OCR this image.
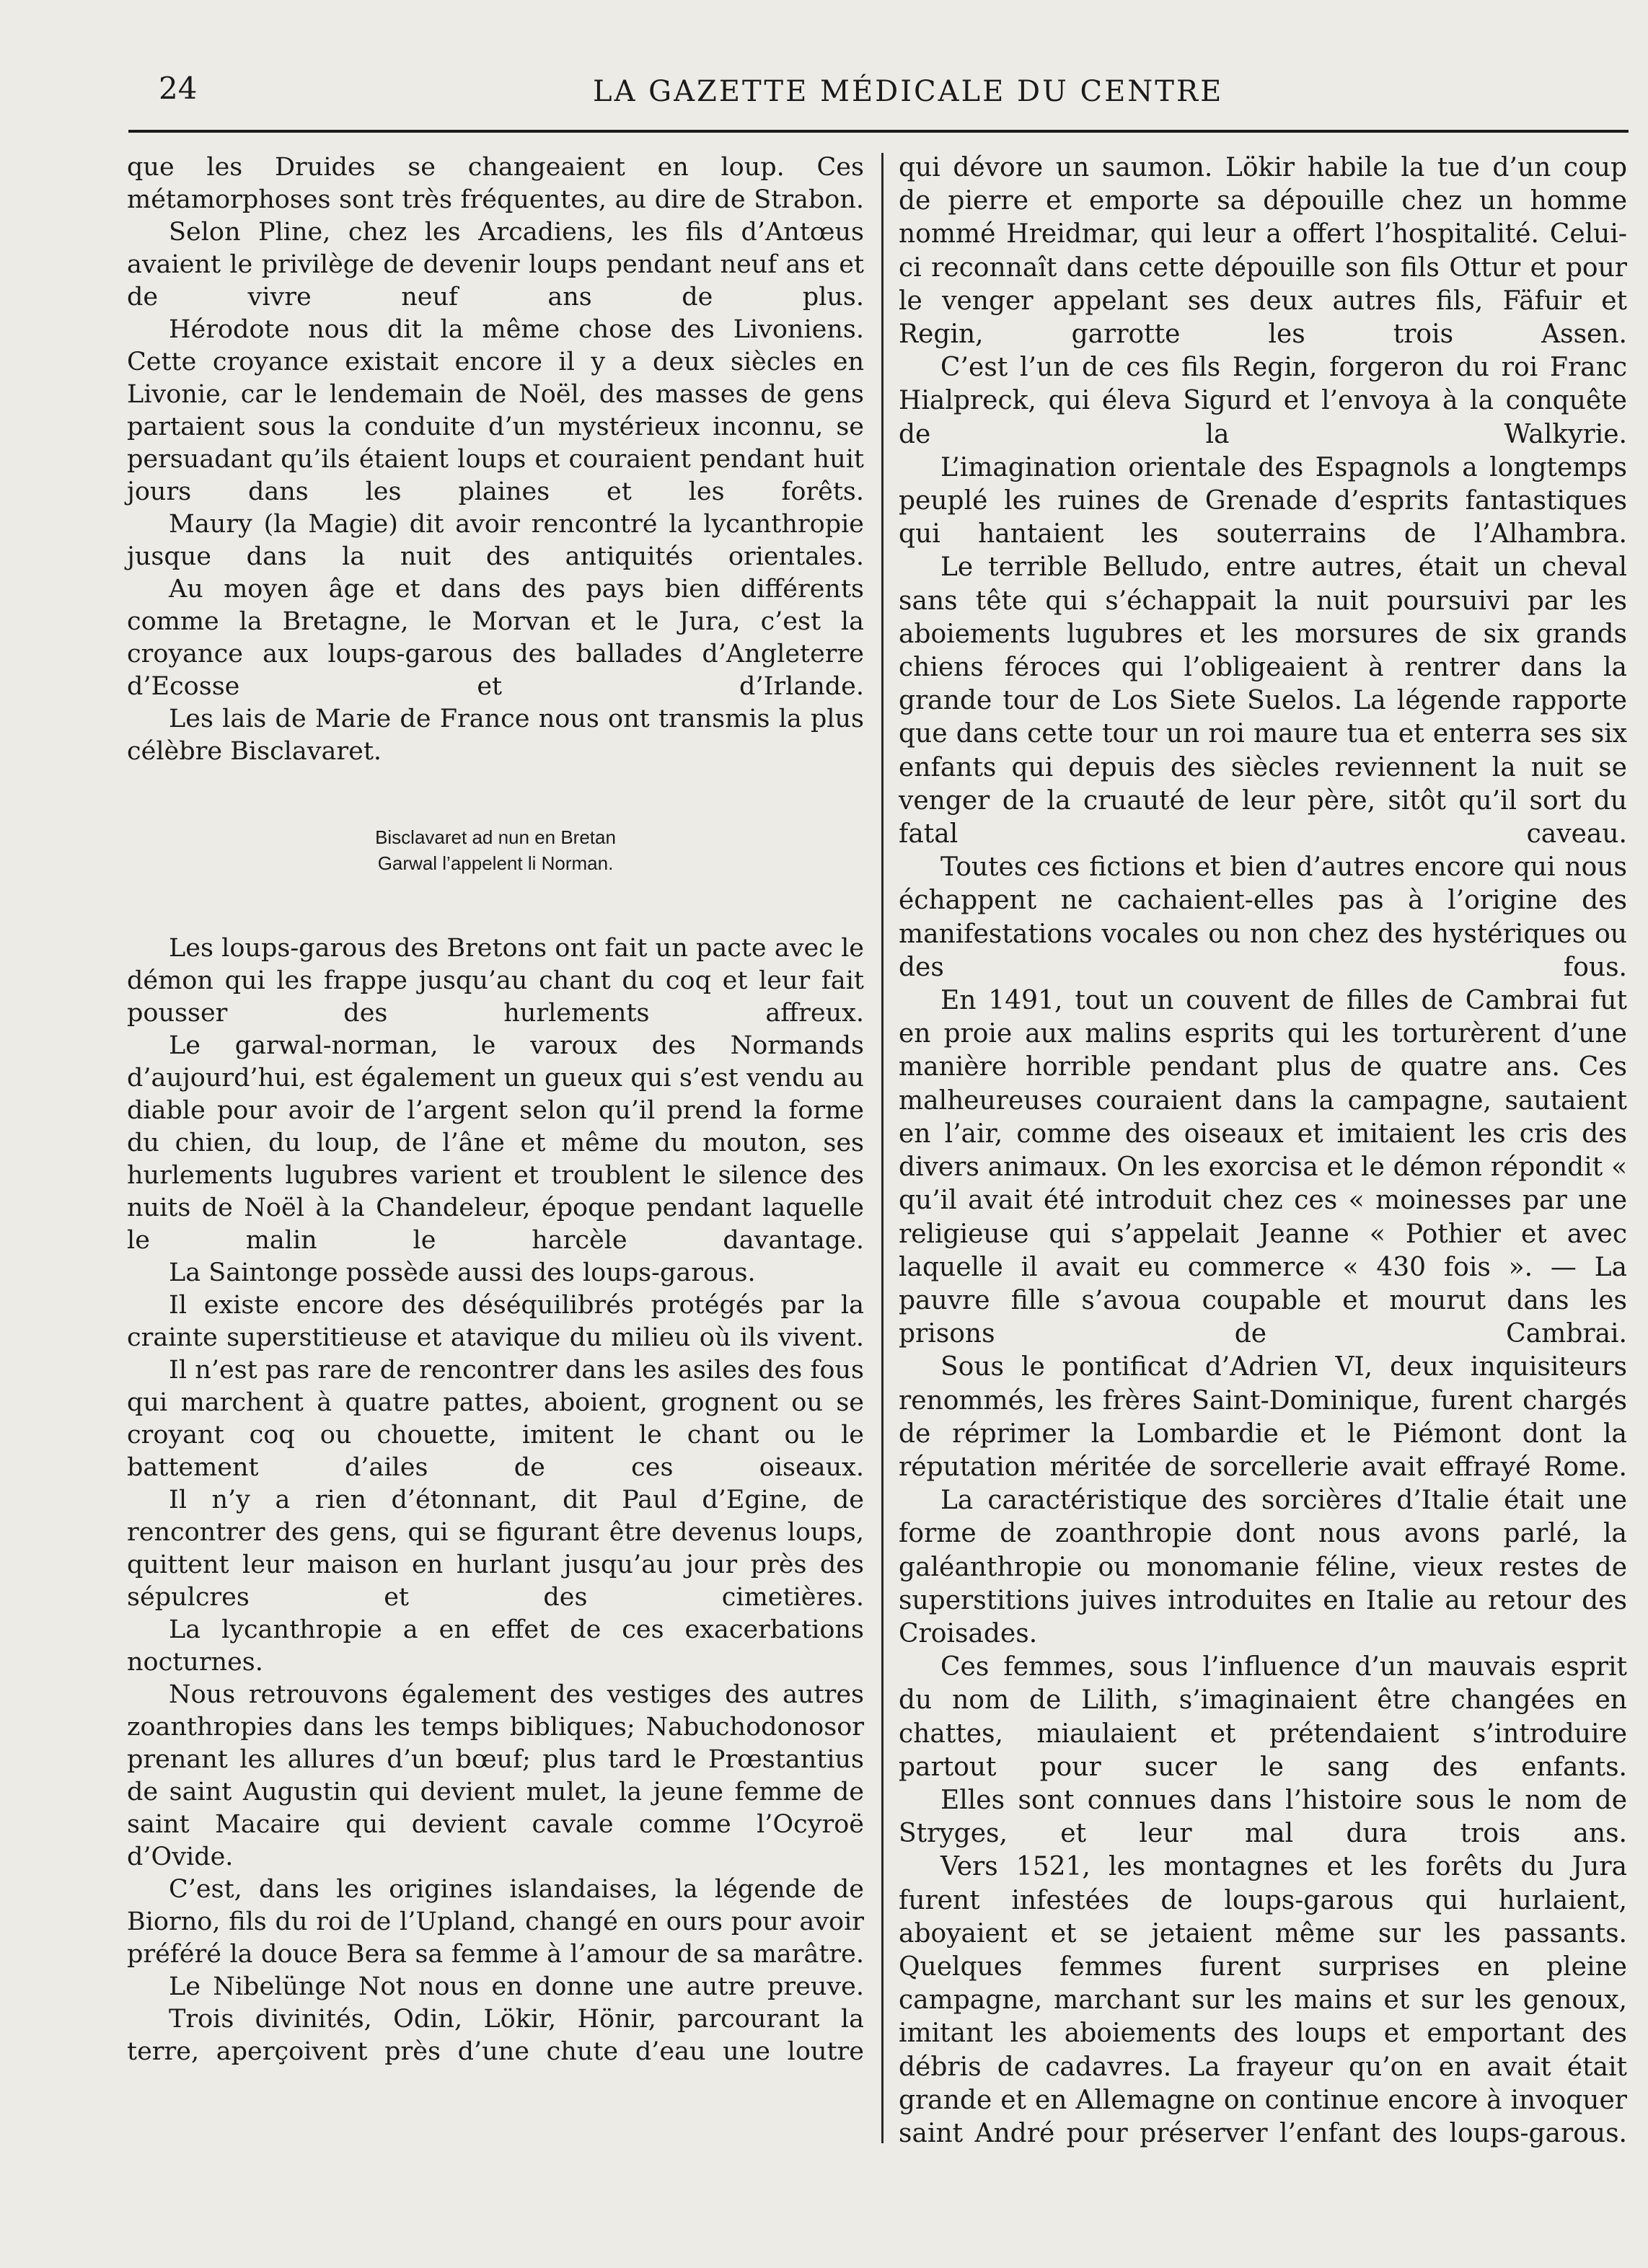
24	LA GAZETTE MÉDICALE DU CENTRE

que les Druides se changeaient en loup. Ces métamorphoses sont très fréquentes, au dire de Strabon.

Selon Pline, chez les Arcadiens, les fils d’Antœus avaient le privilège de devenir loups pendant neuf ans et de vivre neuf ans de plus.

Hérodote nous dit la même chose des Livoniens. Cette croyance existait encore il y a deux siècles en Livonie, car le lendemain de Noël, des masses de gens partaient sous la conduite d’un mystérieux inconnu, se persuadant qu’ils étaient loups et couraient pendant huit jours dans les plaines et les forêts.

Maury (la Magie) dit avoir rencontré la lycanthropie jusque dans la nuit des antiquités orientales.

Au moyen âge et dans des pays bien différents comme la Bretagne, le Morvan et le Jura, c’est la croyance aux loups-garous des ballades d’Angleterre d’Ecosse et d’Irlande.

Les lais de Marie de France nous ont transmis la plus célèbre Bisclavaret.

Bisclavaret ad nun en Bretan
Garwal l’appelent li Norman.

Les loups-garous des Bretons ont fait un pacte avec le démon qui les frappe jusqu’au chant du coq et leur fait pousser des hurlements affreux.

Le garwal-norman, le varoux des Normands d’aujourd’hui, est également un gueux qui s’est vendu au diable pour avoir de l’argent selon qu’il prend la forme du chien, du loup, de l’âne et même du mouton, ses hurlements lugubres varient et troublent le silence des nuits de Noël à la Chandeleur, époque pendant laquelle le malin le harcèle davantage.

La Saintonge possède aussi des loups-garous.

Il existe encore des déséquilibrés protégés par la crainte superstitieuse et atavique du milieu où ils vivent.

Il n’est pas rare de rencontrer dans les asiles des fous qui marchent à quatre pattes, aboient, grognent ou se croyant coq ou chouette, imitent le chant ou le battement d’ailes de ces oiseaux.

Il n’y a rien d’étonnant, dit Paul d’Egine, de rencontrer des gens, qui se figurant être devenus loups, quittent leur maison en hurlant jusqu’au jour près des sépulcres et des cimetières.

La lycanthropie a en effet de ces exacerbations nocturnes.

Nous retrouvons également des vestiges des autres zoanthropies dans les temps bibliques; Nabuchodonosor prenant les allures d’un bœuf; plus tard le Prœstantius de saint Augustin qui devient mulet, la jeune femme de saint Macaire qui devient cavale comme l’Ocyroë d’Ovide.

C’est, dans les origines islandaises, la légende de Biorno, fils du roi de l’Upland, changé en ours pour avoir préféré la douce Bera sa femme à l’amour de sa marâtre.

Le Nibelünge Not nous en donne une autre preuve.

Trois divinités, Odin, Lökir, Hönir, parcourant la terre, aperçoivent près d’une chute d’eau une loutre

qui dévore un saumon. Lökir habile la tue d’un coup de pierre et emporte sa dépouille chez un homme nommé Hreidmar, qui leur a offert l’hospitalité. Celui-ci reconnaît dans cette dépouille son fils Ottur et pour le venger appelant ses deux autres fils, Fäfuir et Regin, garrotte les trois Assen.

C’est l’un de ces fils Regin, forgeron du roi Franc Hialpreck, qui éleva Sigurd et l’envoya à la conquête de la Walkyrie.

L’imagination orientale des Espagnols a longtemps peuplé les ruines de Grenade d’esprits fantastiques qui hantaient les souterrains de l’Alhambra.

Le terrible Belludo, entre autres, était un cheval sans tête qui s’échappait la nuit poursuivi par les aboiements lugubres et les morsures de six grands chiens féroces qui l’obligeaient à rentrer dans la grande tour de Los Siete Suelos. La légende rapporte que dans cette tour un roi maure tua et enterra ses six enfants qui depuis des siècles reviennent la nuit se venger de la cruauté de leur père, sitôt qu’il sort du fatal caveau.

Toutes ces fictions et bien d’autres encore qui nous échappent ne cachaient-elles pas à l’origine des manifestations vocales ou non chez des hystériques ou des fous.

En 1491, tout un couvent de filles de Cambrai fut en proie aux malins esprits qui les torturèrent d’une manière horrible pendant plus de quatre ans. Ces malheureuses couraient dans la campagne, sautaient en l’air, comme des oiseaux et imitaient les cris des divers animaux. On les exorcisa et le démon répondit « qu’il avait été introduit chez ces « moinesses par une religieuse qui s’appelait Jeanne « Pothier et avec laquelle il avait eu commerce « 430 fois ». — La pauvre fille s’avoua coupable et mourut dans les prisons de Cambrai.

Sous le pontificat d’Adrien VI, deux inquisiteurs renommés, les frères Saint-Dominique, furent chargés de réprimer la Lombardie et le Piémont dont la réputation méritée de sorcellerie avait effrayé Rome.

La caractéristique des sorcières d’Italie était une forme de zoanthropie dont nous avons parlé, la galéanthropie ou monomanie féline, vieux restes de superstitions juives introduites en Italie au retour des Croisades.

Ces femmes, sous l’influence d’un mauvais esprit du nom de Lilith, s’imaginaient être changées en chattes, miaulaient et prétendaient s’introduire partout pour sucer le sang des enfants.

Elles sont connues dans l’histoire sous le nom de Stryges, et leur mal dura trois ans.

Vers 1521, les montagnes et les forêts du Jura furent infestées de loups-garous qui hurlaient, aboyaient et se jetaient même sur les passants. Quelques femmes furent surprises en pleine campagne, marchant sur les mains et sur les genoux, imitant les aboiements des loups et emportant des débris de cadavres. La frayeur qu’on en avait était grande et en Allemagne on continue encore à invoquer saint André pour préserver l’enfant des loups-garous.
